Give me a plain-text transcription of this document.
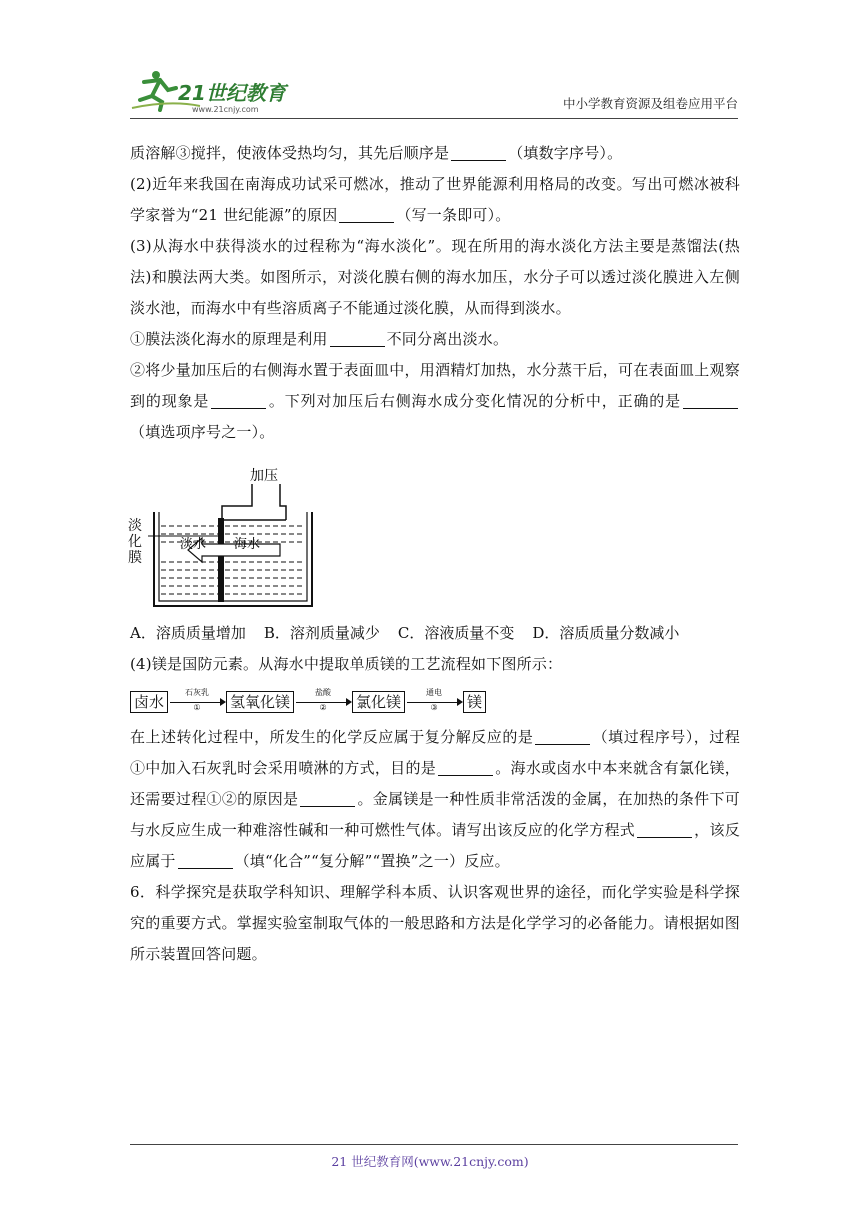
21世纪教育
www.21cnjy.com	中小学教育资源及组卷应用平台

质溶解③搅拌，使液体受热均匀，其先后顺序是	（填数字序号）。

(2)近年来我国在南海成功试采可燃冰，推动了世界能源利用格局的改变。写出可燃冰被科学家誉为“21 世纪能源”的原因	（写一条即可）。

(3)从海水中获得淡水的过程称为“海水淡化”。现在所用的海水淡化方法主要是蒸馏法(热法)和膜法两大类。如图所示，对淡化膜右侧的海水加压，水分子可以透过淡化膜进入左侧淡水池，而海水中有些溶质离子不能通过淡化膜，从而得到淡水。

①膜法淡化海水的原理是利用	不同分离出淡水。

②将少量加压后的右侧海水置于表面皿中，用酒精灯加热，水分蒸干后，可在表面皿上观察到的现象是	。下列对加压后右侧海水成分变化情况的分析中，正确的是（填选项序号之一）。

加压
淡水 海水
淡化膜
A．溶质质量增加 B．溶剂质量减少 C．溶液质量不变 D．溶质质量分数减小

(4)镁是国防元素。从海水中提取单质镁的工艺流程如下图所示：

卤水
石灰乳
①	氢氧化镁
盐酸
②	氯化镁
通电
③	镁

在上述转化过程中，所发生的化学反应属于复分解反应的是	（填过程序号），过程①中加入石灰乳时会采用喷淋的方式，目的是	。海水或卤水中本来就含有氯化镁，还需要过程①②的原因是	。金属镁是一种性质非常活泼的金属，在加热的条件下可与水反应生成一种难溶性碱和一种可燃性气体。请写出该反应的化学方程式	，该反应属于	（填“化合”“复分解”“置换”之一）反应。

6．科学探究是获取学科知识、理解学科本质、认识客观世界的途径，而化学实验是科学探究的重要方式。掌握实验室制取气体的一般思路和方法是化学学习的必备能力。请根据如图所示装置回答问题。

21 世纪教育网(www.21cnjy.com)
